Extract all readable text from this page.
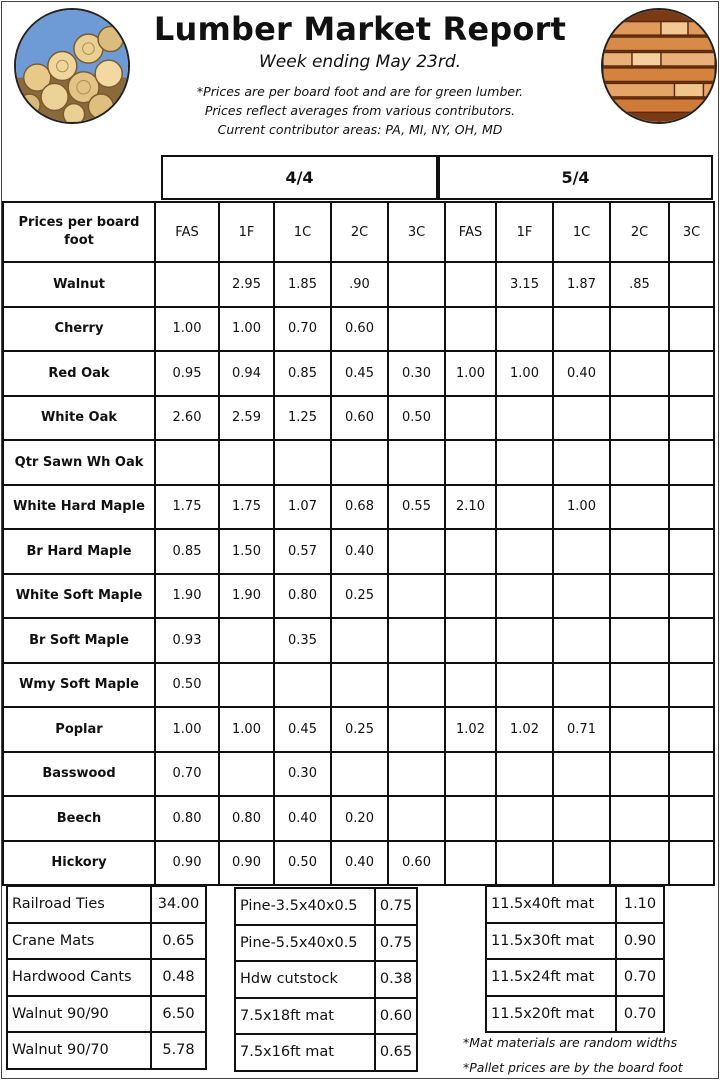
Lumber Market Report
Week ending May 23rd.
*Prices are per board foot and are for green lumber.
Prices reflect averages from various contributors.
Current contributor areas: PA, MI, NY, OH, MD
4/4	5/4
Prices per board foot	FAS	1F	1C	2C	3C	FAS	1F	1C	2C	3C
Walnut		2.95	1.85	.90			3.15	1.87	.85	
Cherry	1.00	1.00	0.70	0.60						
Red Oak	0.95	0.94	0.85	0.45	0.30	1.00	1.00	0.40		
White Oak	2.60	2.59	1.25	0.60	0.50					
Qtr Sawn Wh Oak										
White Hard Maple	1.75	1.75	1.07	0.68	0.55	2.10		1.00		
Br Hard Maple	0.85	1.50	0.57	0.40						
White Soft Maple	1.90	1.90	0.80	0.25						
Br Soft Maple	0.93		0.35							
Wmy Soft Maple	0.50									
Poplar	1.00	1.00	0.45	0.25		1.02	1.02	0.71		
Basswood	0.70		0.30							
Beech	0.80	0.80	0.40	0.20						
Hickory	0.90	0.90	0.50	0.40	0.60					
Railroad Ties	34.00
Crane Mats	0.65
Hardwood Cants	0.48
Walnut 90/90	6.50
Walnut 90/70	5.78
Pine-3.5x40x0.5	0.75
Pine-5.5x40x0.5	0.75
Hdw cutstock	0.38
7.5x18ft mat	0.60
7.5x16ft mat	0.65
11.5x40ft mat	1.10
11.5x30ft mat	0.90
11.5x24ft mat	0.70
11.5x20ft mat	0.70
*Mat materials are random widths
*Pallet prices are by the board foot
